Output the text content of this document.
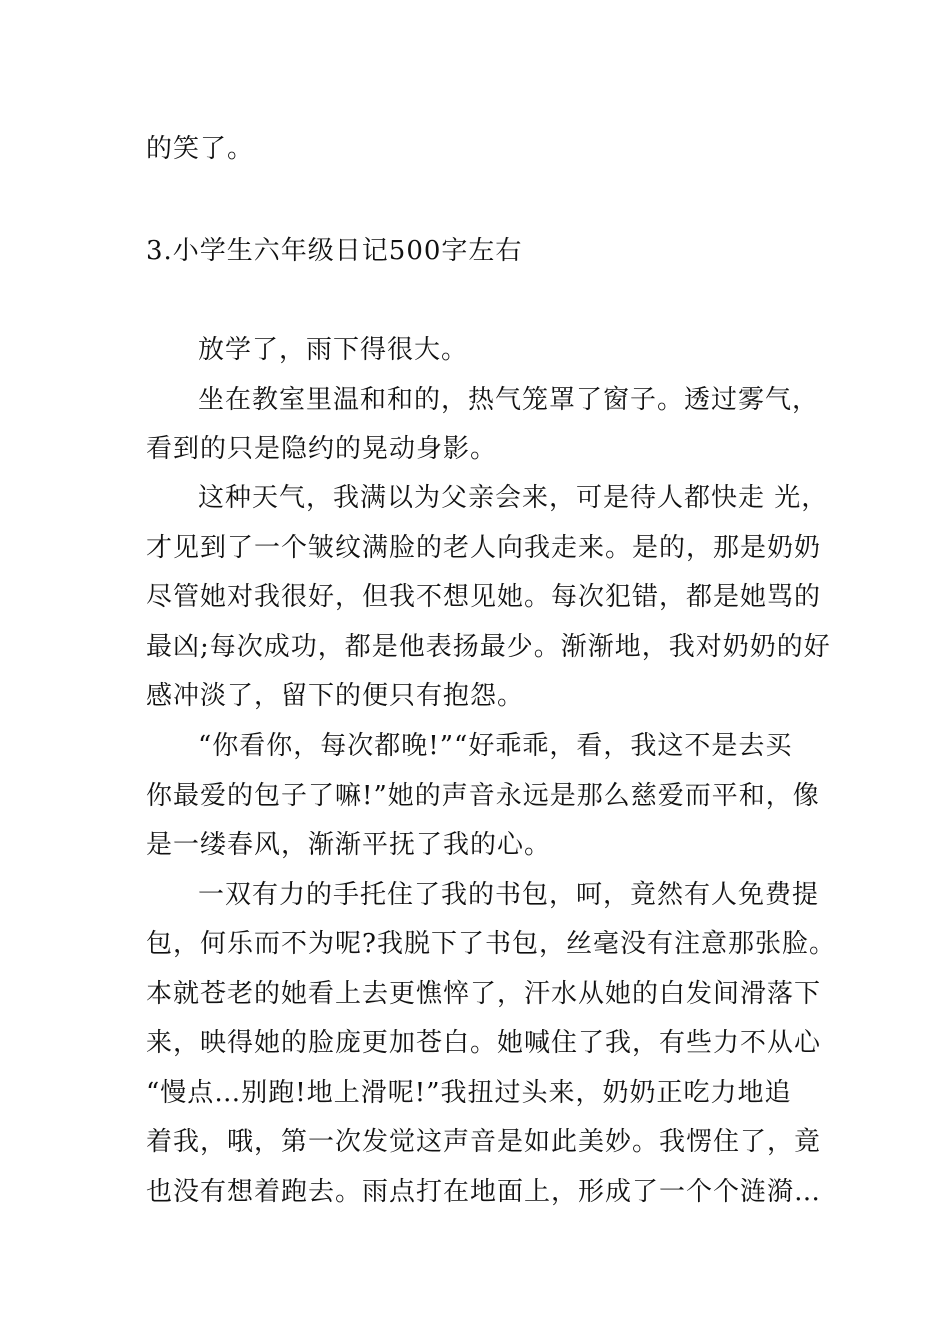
的笑了。
3.小学生六年级日记500字左右
放学了，雨下得很大。
坐在教室里温和和的，热气笼罩了窗子。透过雾气，
看到的只是隐约的晃动身影。
这种天气，我满以为父亲会来，可是待人都快走 光，
才见到了一个皱纹满脸的老人向我走来。是的，那是奶奶
尽管她对我很好，但我不想见她。每次犯错，都是她骂的
最凶;每次成功，都是他表扬最少。渐渐地，我对奶奶的好
感冲淡了，留下的便只有抱怨。
“你看你，每次都晚!”“好乖乖，看，我这不是去买
你最爱的包子了嘛!”她的声音永远是那么慈爱而平和，像
是一缕春风，渐渐平抚了我的心。
一双有力的手托住了我的书包，呵，竟然有人免费提
包，何乐而不为呢?我脱下了书包，丝毫没有注意那张脸。
本就苍老的她看上去更憔悴了，汗水从她的白发间滑落下
来，映得她的脸庞更加苍白。她喊住了我，有些力不从心
“慢点…别跑!地上滑呢!”我扭过头来，奶奶正吃力地追
着我，哦，第一次发觉这声音是如此美妙。我愣住了，竟
也没有想着跑去。雨点打在地面上，形成了一个个涟漪…
